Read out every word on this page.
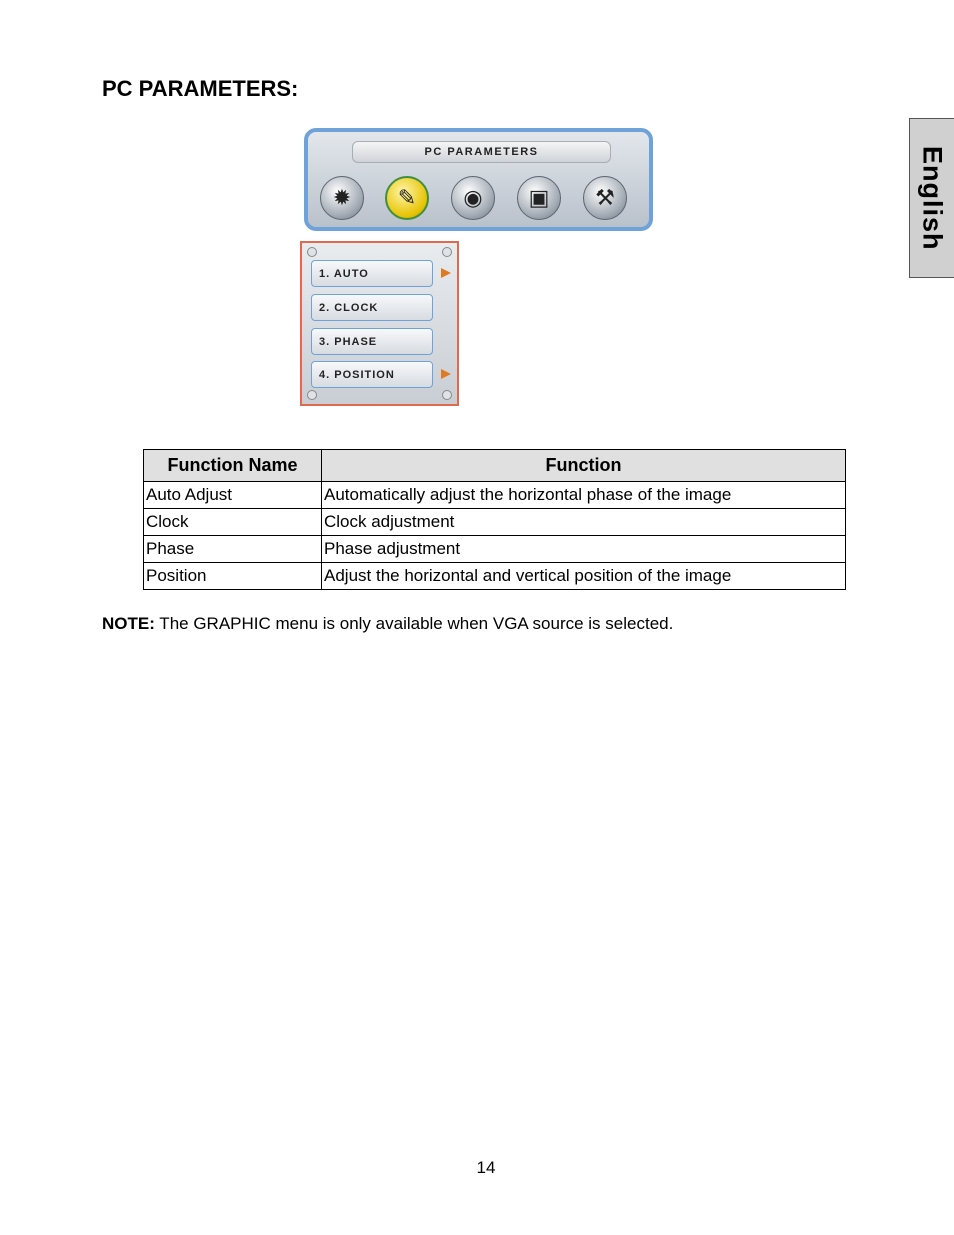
PC PARAMETERS:
English
PC PARAMETERS
✹	✎	◉	▣	⚒
1. AUTO
2. CLOCK
3. PHASE
4. POSITION
Function Name	Function
Auto Adjust	Automatically adjust the horizontal phase of the image
Clock	Clock adjustment
Phase	Phase adjustment
Position	Adjust the horizontal and vertical position of the image
NOTE: The GRAPHIC menu is only available when VGA source is selected.
14
